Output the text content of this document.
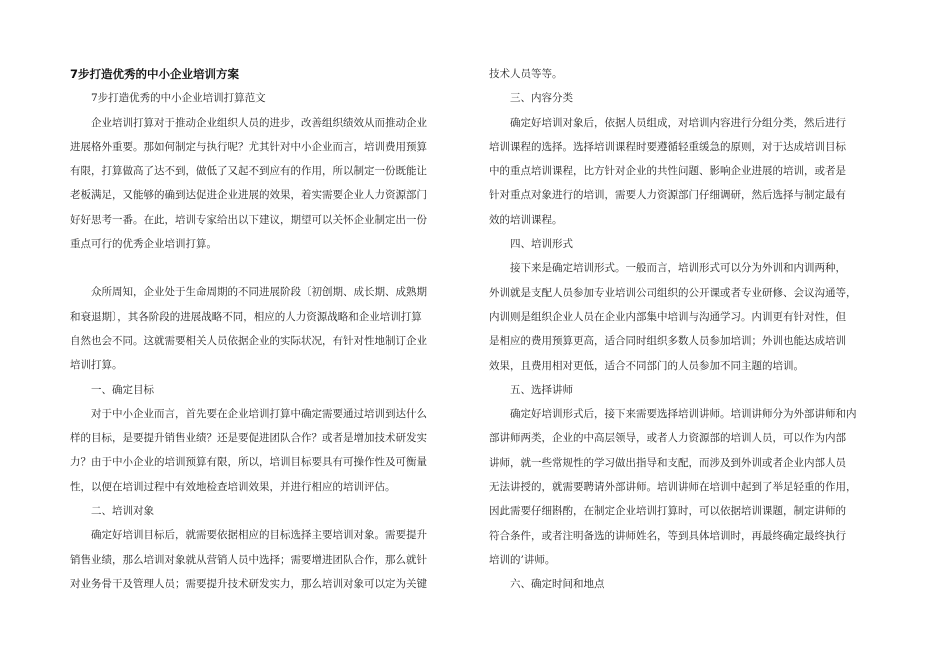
7步打造优秀的中小企业培训方案
7步打造优秀的中小企业培训打算范文
企业培训打算对于推动企业组织人员的进步，改善组织绩效从而推动企业
进展格外重要。那如何制定与执行呢？尤其针对中小企业而言，培训费用预算
有限，打算做高了达不到，做低了又起不到应有的作用，所以制定一份既能让
老板满足，又能够的确到达促进企业进展的效果，着实需要企业人力资源部门
好好思考一番。在此，培训专家给出以下建议，期望可以关怀企业制定出一份
重点可行的优秀企业培训打算。
众所周知，企业处于生命周期的不同进展阶段〔初创期、成长期、成熟期
和衰退期〕，其各阶段的进展战略不同，相应的人力资源战略和企业培训打算
自然也会不同。这就需要相关人员依据企业的实际状况，有针对性地制订企业
培训打算。
一、确定目标
对于中小企业而言，首先要在企业培训打算中确定需要通过培训到达什么
样的目标，是要提升销售业绩？还是要促进团队合作？或者是增加技术研发实
力？由于中小企业的培训预算有限，所以，培训目标要具有可操作性及可衡量
性，以便在培训过程中有效地检查培训效果，并进行相应的培训评估。
二、培训对象
确定好培训目标后，就需要依据相应的目标选择主要培训对象。需要提升
销售业绩，那么培训对象就从营销人员中选择；需要增进团队合作，那么就针
对业务骨干及管理人员；需要提升技术研发实力，那么培训对象可以定为关键
技术人员等等。
三、内容分类
确定好培训对象后，依据人员组成，对培训内容进行分组分类，然后进行
培训课程的选择。选择培训课程时要遵循轻重缓急的原则，对于达成培训目标
中的重点培训课程，比方针对企业的共性问题、影响企业进展的培训，或者是
针对重点对象进行的培训，需要人力资源部门仔细调研，然后选择与制定最有
效的培训课程。
四、培训形式
接下来是确定培训形式。一般而言，培训形式可以分为外训和内训两种，
外训就是支配人员参加专业培训公司组织的公开课或者专业研修、会议沟通等，
内训则是组织企业人员在企业内部集中培训与沟通学习。内训更有针对性，但
是相应的费用预算更高，适合同时组织多数人员参加培训；外训也能达成培训
效果，且费用相对更低，适合不同部门的人员参加不同主题的培训。
五、选择讲师
确定好培训形式后，接下来需要选择培训讲师。培训讲师分为外部讲师和内
部讲师两类，企业的中高层领导，或者人力资源部的培训人员，可以作为内部
讲师，就一些常规性的学习做出指导和支配，而涉及到外训或者企业内部人员
无法讲授的，就需要聘请外部讲师。培训讲师在培训中起到了举足轻重的作用，
因此需要仔细斟酌，在制定企业培训打算时，可以依据培训课题，制定讲师的
符合条件，或者注明备选的讲师姓名，等到具体培训时，再最终确定最终执行
培训的’讲师。
六、确定时间和地点
